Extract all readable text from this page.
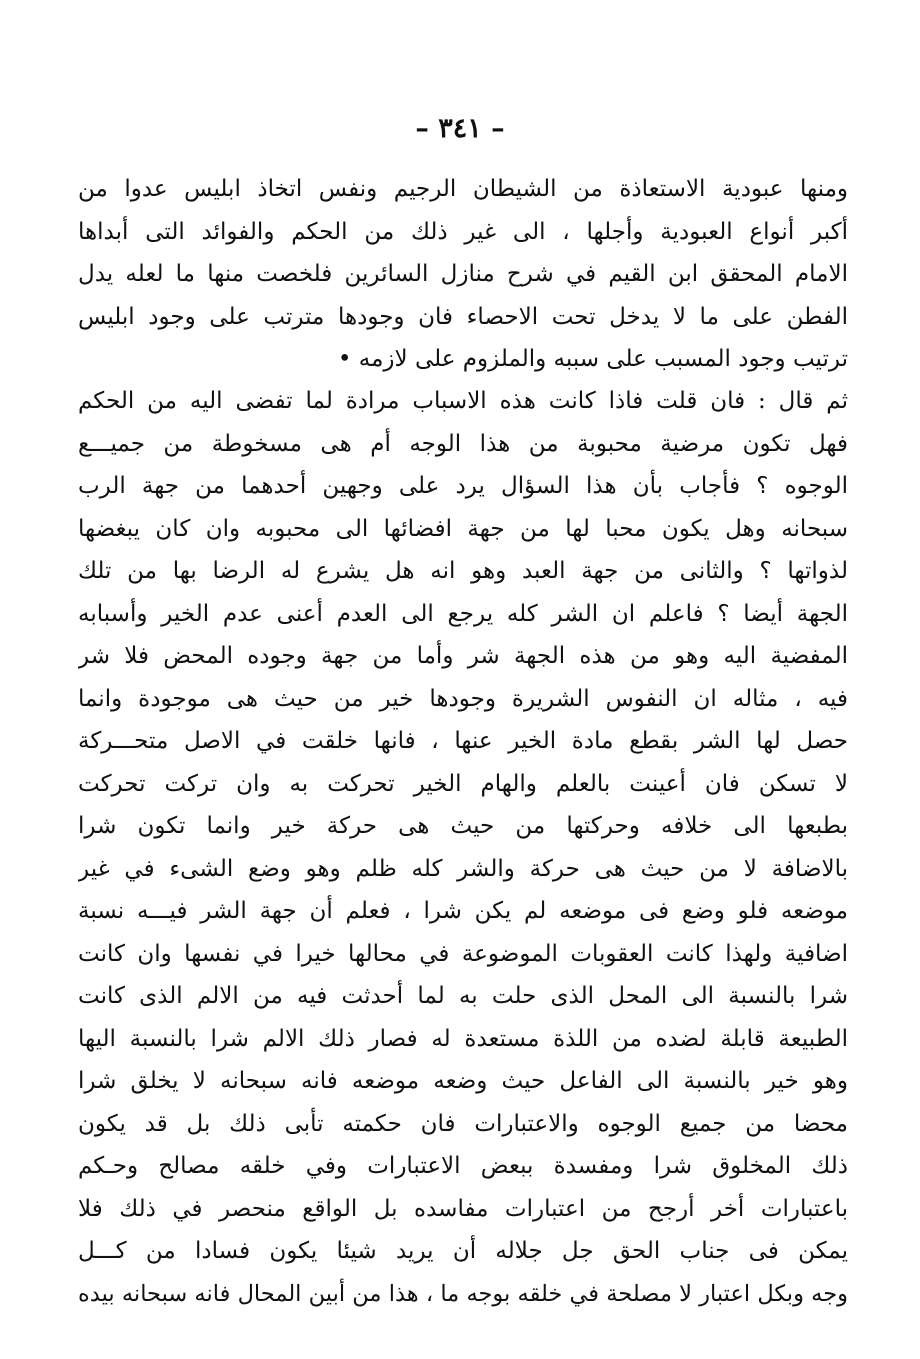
– ٣٤١ –
ومنها عبودية الاستعاذة من الشيطان الرجيم ونفس اتخاذ ابليس عدوا من
أكبر أنواع العبودية وأجلها ، الى غير ذلك من الحكم والفوائد التى أبداها
الامام المحقق ابن القيم في شرح منازل السائرين فلخصت منها ما لعله يدل
الفطن على ما لا يدخل تحت الاحصاء فان وجودها مترتب على وجود ابليس
ترتيب وجود المسبب على سببه والملزوم على لازمه •
ثم قال : فان قلت فاذا كانت هذه الاسباب مرادة لما تفضى اليه من الحكم
فهل تكون مرضية محبوبة من هذا الوجه أم هى مسخوطة من جميـــع
الوجوه ؟ فأجاب بأن هذا السؤال يرد على وجهين أحدهما من جهة الرب
سبحانه وهل يكون محبا لها من جهة افضائها الى محبوبه وان كان يبغضها
لذواتها ؟ والثانى من جهة العبد وهو انه هل يشرع له الرضا بها من تلك
الجهة أيضا ؟ فاعلم ان الشر كله يرجع الى العدم أعنى عدم الخير وأسبابه
المفضية اليه وهو من هذه الجهة شر وأما من جهة وجوده المحض فلا شر
فيه ، مثاله ان النفوس الشريرة وجودها خير من حيث هى موجودة وانما
حصل لها الشر بقطع مادة الخير عنها ، فانها خلقت في الاصل متحـــركة
لا تسكن فان أعينت بالعلم والهام الخير تحركت به وان تركت تحركت
بطبعها الى خلافه وحركتها من حيث هى حركة خير وانما تكون شرا
بالاضافة لا من حيث هى حركة والشر كله ظلم وهو وضع الشىء في غير
موضعه فلو وضع فى موضعه لم يكن شرا ، فعلم أن جهة الشر فيـــه نسبة
اضافية ولهذا كانت العقوبات الموضوعة في محالها خيرا في نفسها وان كانت
شرا بالنسبة الى المحل الذى حلت به لما أحدثت فيه من الالم الذى كانت
الطبيعة قابلة لضده من اللذة مستعدة له فصار ذلك الالم شرا بالنسبة اليها
وهو خير بالنسبة الى الفاعل حيث وضعه موضعه فانه سبحانه لا يخلق شرا
محضا من جميع الوجوه والاعتبارات فان حكمته تأبى ذلك بل قد يكون
ذلك المخلوق شرا ومفسدة ببعض الاعتبارات وفي خلقه مصالح وحـكم
باعتبارات أخر أرجح من اعتبارات مفاسده بل الواقع منحصر في ذلك فلا
يمكن فى جناب الحق جل جلاله أن يريد شيئا يكون فسادا من كـــل
وجه وبكل اعتبار لا مصلحة في خلقه بوجه ما ، هذا من أبين المحال فانه سبحانه بيده
